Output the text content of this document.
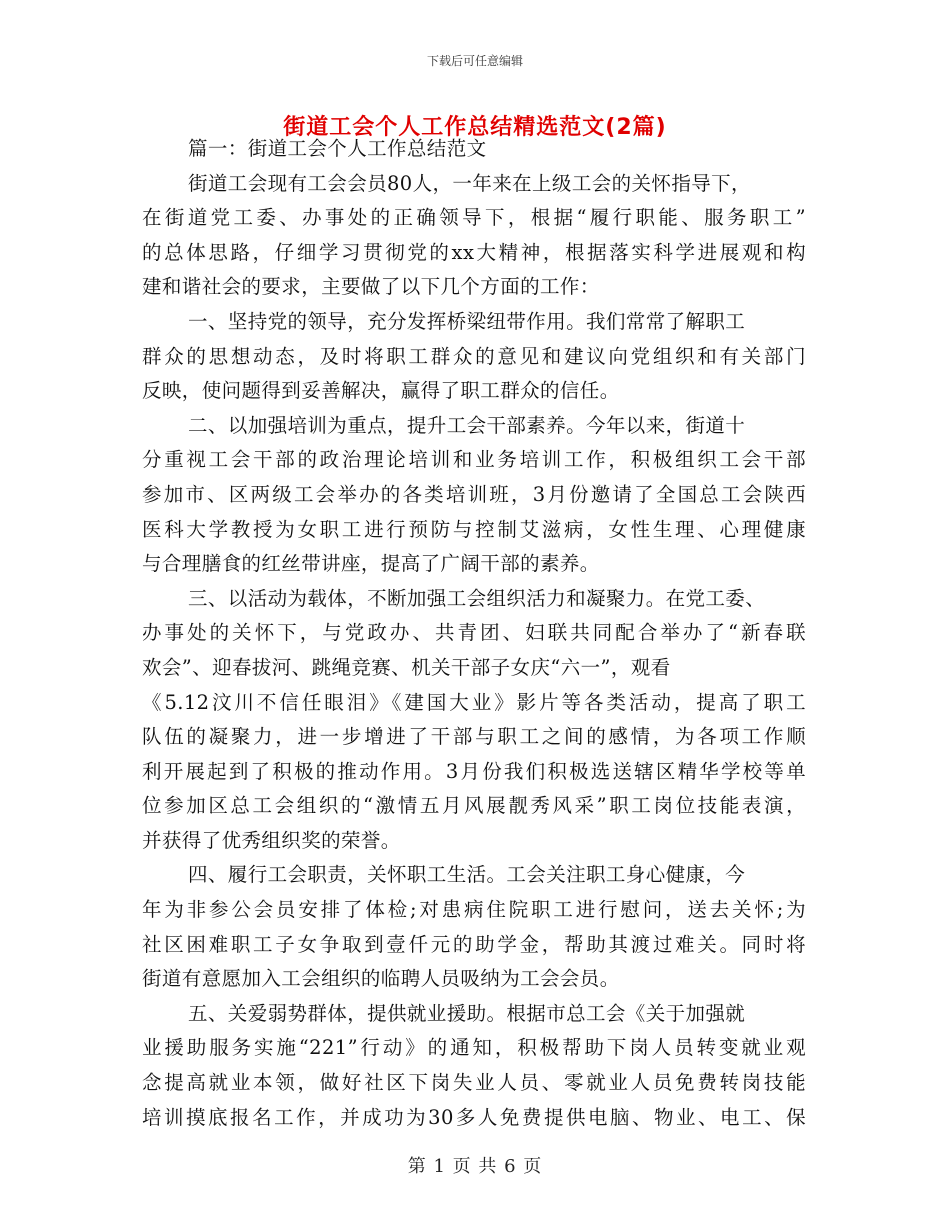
下载后可任意编辑
街道工会个人工作总结精选范文(2篇)
篇一：街道工会个人工作总结范文
街道工会现有工会会员80人，一年来在上级工会的关怀指导下，
在街道党工委、办事处的正确领导下，根据“履行职能、服务职工”
的总体思路，仔细学习贯彻党的xx大精神，根据落实科学进展观和构
建和谐社会的要求，主要做了以下几个方面的工作：
一、坚持党的领导，充分发挥桥梁纽带作用。我们常常了解职工
群众的思想动态，及时将职工群众的意见和建议向党组织和有关部门
反映，使问题得到妥善解决，赢得了职工群众的信任。
二、以加强培训为重点，提升工会干部素养。今年以来，街道十
分重视工会干部的政治理论培训和业务培训工作，积极组织工会干部
参加市、区两级工会举办的各类培训班，3月份邀请了全国总工会陕西
医科大学教授为女职工进行预防与控制艾滋病，女性生理、心理健康
与合理膳食的红丝带讲座，提高了广阔干部的素养。
三、以活动为载体，不断加强工会组织活力和凝聚力。在党工委、
办事处的关怀下，与党政办、共青团、妇联共同配合举办了“新春联
欢会”、迎春拔河、跳绳竞赛、机关干部子女庆“六一”，观看
《5.12汶川不信任眼泪》《建国大业》影片等各类活动，提高了职工
队伍的凝聚力，进一步增进了干部与职工之间的感情，为各项工作顺
利开展起到了积极的推动作用。3月份我们积极选送辖区精华学校等单
位参加区总工会组织的“激情五月风展靓秀风采”职工岗位技能表演，
并获得了优秀组织奖的荣誉。
四、履行工会职责，关怀职工生活。工会关注职工身心健康，今
年为非参公会员安排了体检;对患病住院职工进行慰问，送去关怀;为
社区困难职工子女争取到壹仟元的助学金，帮助其渡过难关。同时将
街道有意愿加入工会组织的临聘人员吸纳为工会会员。
五、关爱弱势群体，提供就业援助。根据市总工会《关于加强就
业援助服务实施“221”行动》的通知，积极帮助下岗人员转变就业观
念提高就业本领，做好社区下岗失业人员、零就业人员免费转岗技能
培训摸底报名工作，并成功为30多人免费提供电脑、物业、电工、保
第 1 页 共 6 页
